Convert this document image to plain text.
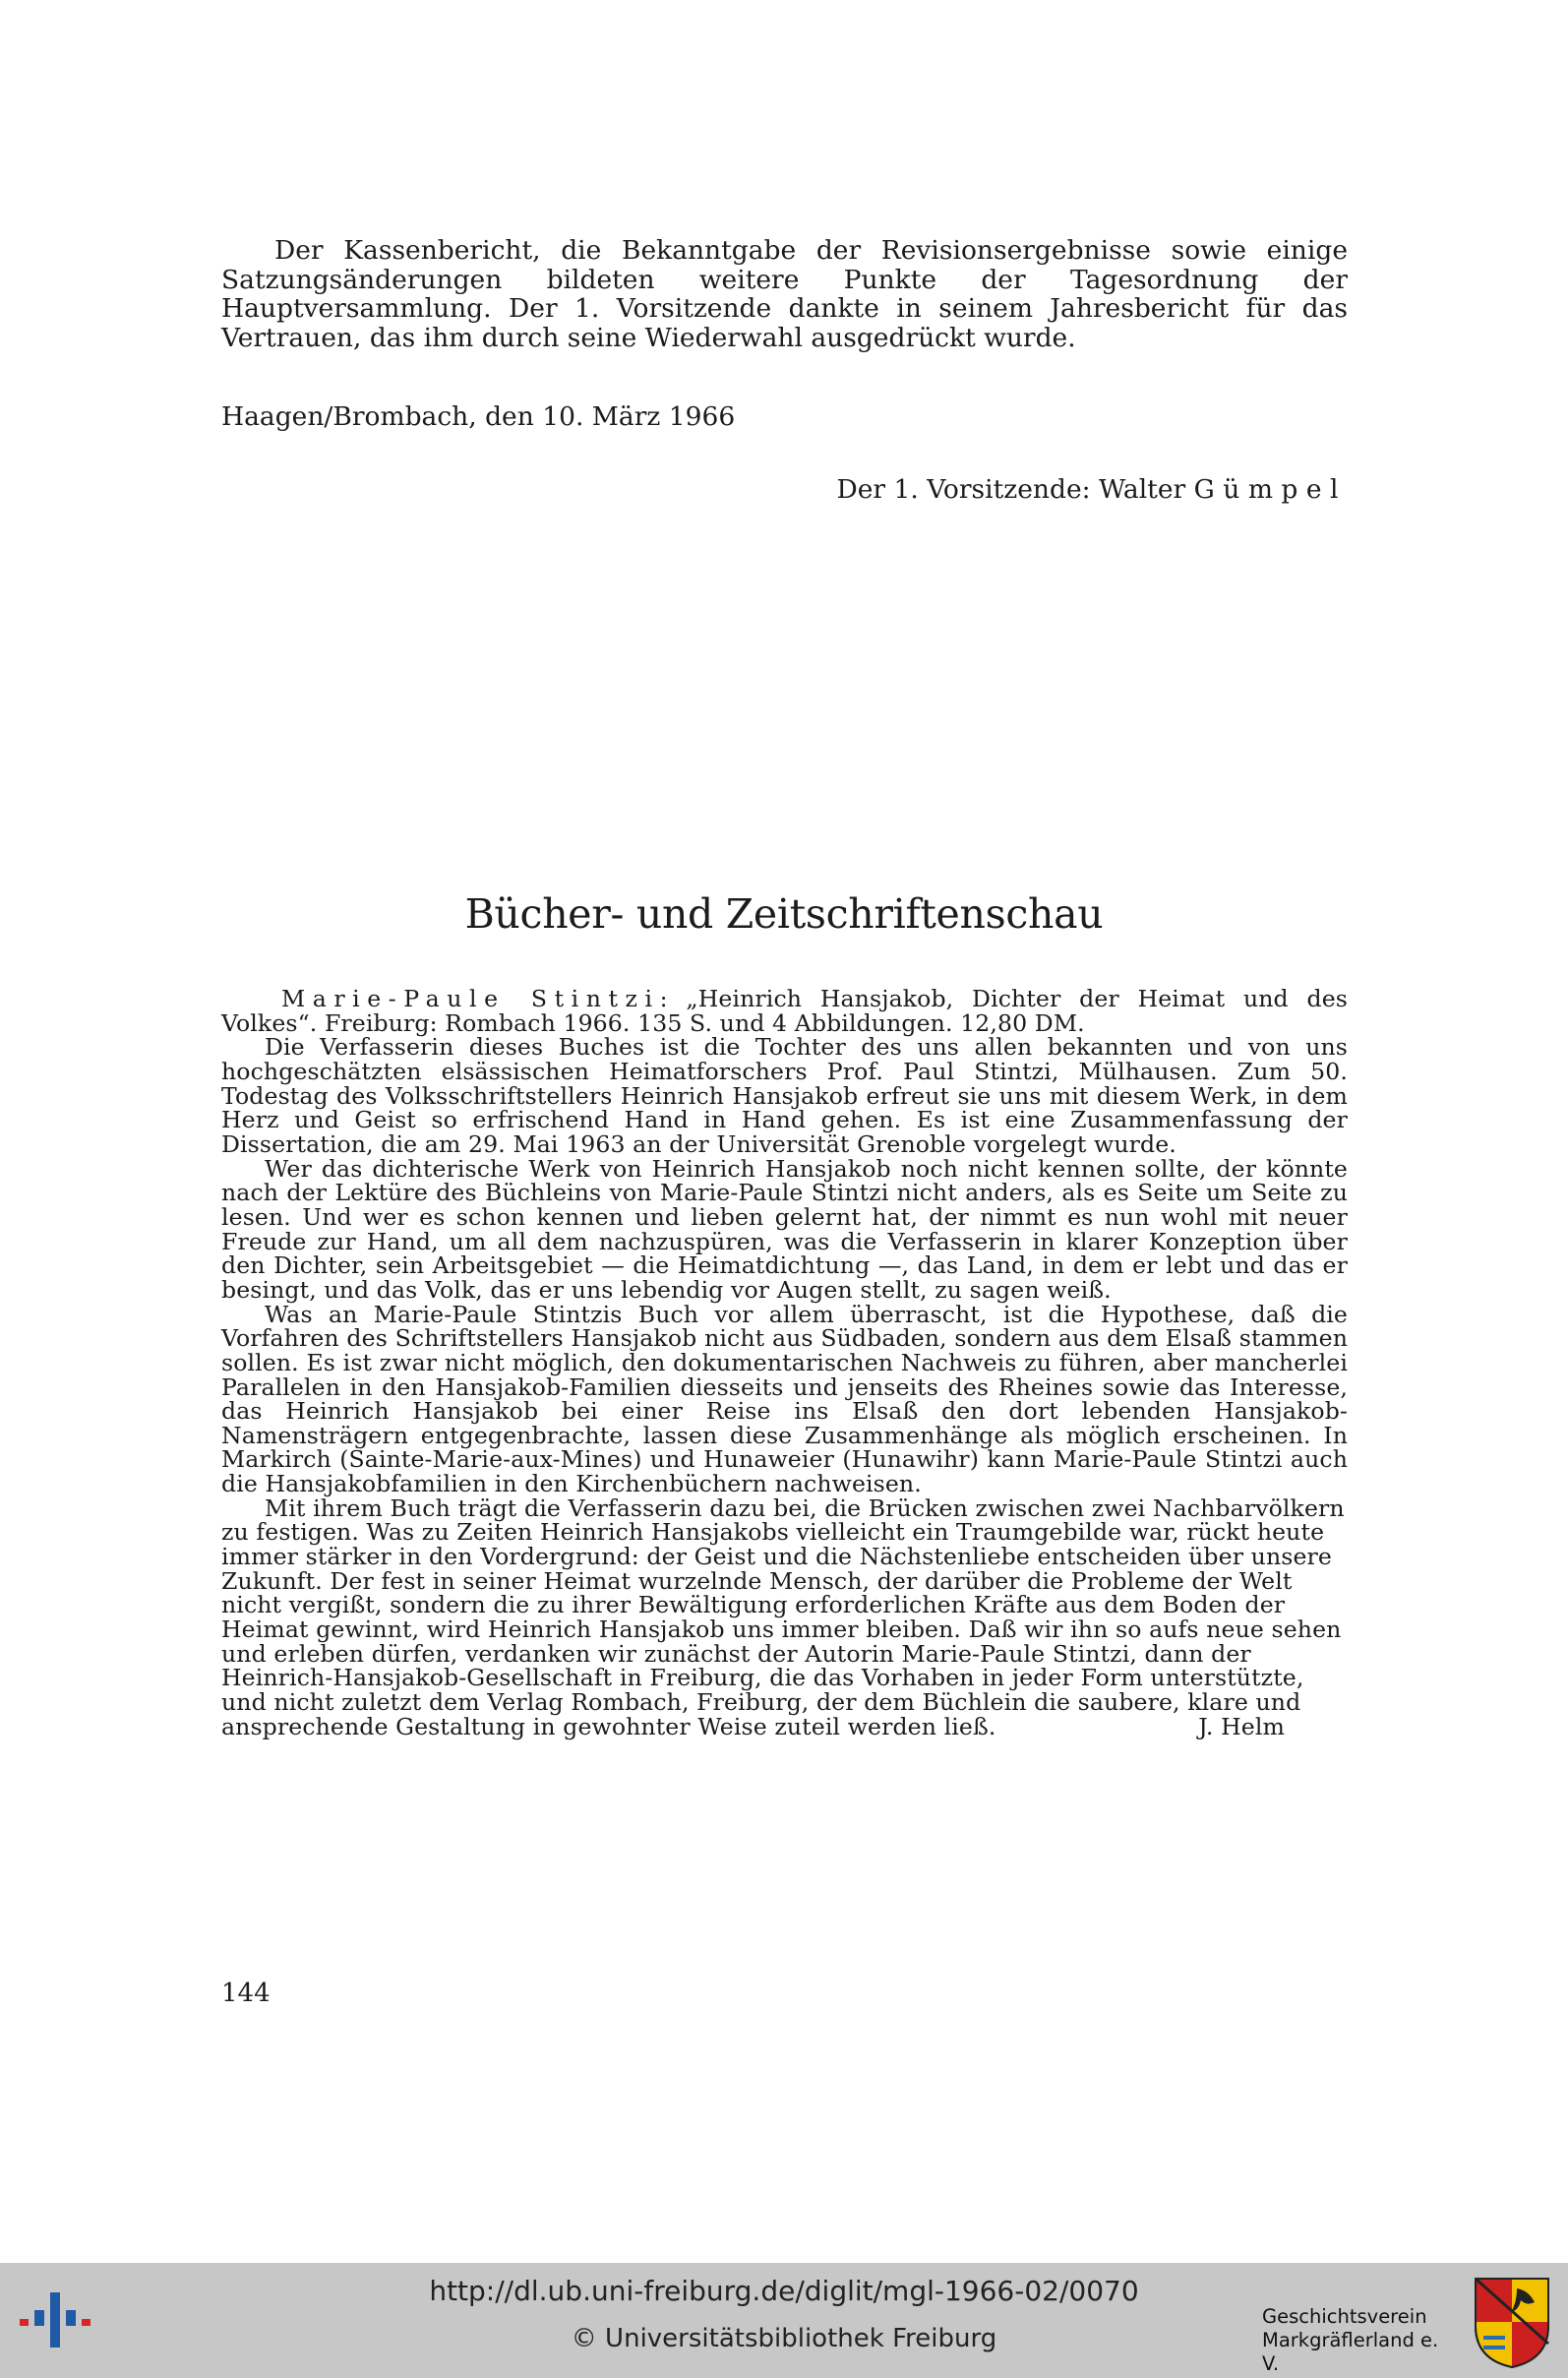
Der Kassenbericht, die Bekanntgabe der Revisionsergebnisse sowie einige Satzungsänderungen bildeten weitere Punkte der Tagesordnung der Hauptversammlung. Der 1. Vorsitzende dankte in seinem Jahresbericht für das Vertrauen, das ihm durch seine Wiederwahl ausgedrückt wurde.

Haagen/Brombach, den 10. März 1966
Der 1. Vorsitzende: Walter Gümpel
Bücher- und Zeitschriftenschau

Marie-Paule Stintzi: „Heinrich Hansjakob, Dichter der Heimat und des Volkes“. Freiburg: Rombach 1966. 135 S. und 4 Abbildungen. 12,80 DM.

Die Verfasserin dieses Buches ist die Tochter des uns allen bekannten und von uns hochgeschätzten elsässischen Heimatforschers Prof. Paul Stintzi, Mülhausen. Zum 50. Todestag des Volksschriftstellers Heinrich Hansjakob erfreut sie uns mit diesem Werk, in dem Herz und Geist so erfrischend Hand in Hand gehen. Es ist eine Zusammenfassung der Dissertation, die am 29. Mai 1963 an der Universität Grenoble vorgelegt wurde.

Wer das dichterische Werk von Heinrich Hansjakob noch nicht kennen sollte, der könnte nach der Lektüre des Büchleins von Marie-Paule Stintzi nicht anders, als es Seite um Seite zu lesen. Und wer es schon kennen und lieben gelernt hat, der nimmt es nun wohl mit neuer Freude zur Hand, um all dem nachzuspüren, was die Verfasserin in klarer Konzeption über den Dichter, sein Arbeitsgebiet — die Heimatdichtung —, das Land, in dem er lebt und das er besingt, und das Volk, das er uns lebendig vor Augen stellt, zu sagen weiß.

Was an Marie-Paule Stintzis Buch vor allem überrascht, ist die Hypothese, daß die Vorfahren des Schriftstellers Hansjakob nicht aus Südbaden, sondern aus dem Elsaß stammen sollen. Es ist zwar nicht möglich, den dokumentarischen Nachweis zu führen, aber mancherlei Parallelen in den Hansjakob-Familien diesseits und jenseits des Rheines sowie das Interesse, das Heinrich Hansjakob bei einer Reise ins Elsaß den dort lebenden Hansjakob-Namensträgern entgegenbrachte, lassen diese Zusammenhänge als möglich erscheinen. In Markirch (Sainte-Marie-aux-Mines) und Hunaweier (Hunawihr) kann Marie-Paule Stintzi auch die Hansjakobfamilien in den Kirchenbüchern nachweisen.

Mit ihrem Buch trägt die Verfasserin dazu bei, die Brücken zwischen zwei Nachbarvölkern zu festigen. Was zu Zeiten Heinrich Hansjakobs vielleicht ein Traumgebilde war, rückt heute immer stärker in den Vordergrund: der Geist und die Nächstenliebe entscheiden über unsere Zukunft. Der fest in seiner Heimat wurzelnde Mensch, der darüber die Probleme der Welt nicht vergißt, sondern die zu ihrer Bewältigung erforderlichen Kräfte aus dem Boden der Heimat gewinnt, wird Heinrich Hansjakob uns immer bleiben. Daß wir ihn so aufs neue sehen und erleben dürfen, verdanken wir zunächst der Autorin Marie-Paule Stintzi, dann der Heinrich-Hansjakob-Gesellschaft in Freiburg, die das Vorhaben in jeder Form unterstützte, und nicht zuletzt dem Verlag Rombach, Freiburg, der dem Büchlein die saubere, klare und ansprechende Gestaltung in gewohnter Weise zuteil werden ließ.	J. Helm

144
http://dl.ub.uni-freiburg.de/diglit/mgl-1966-02/0070
© Universitätsbibliothek Freiburg
Geschichtsverein
Markgräflerland e. V.
